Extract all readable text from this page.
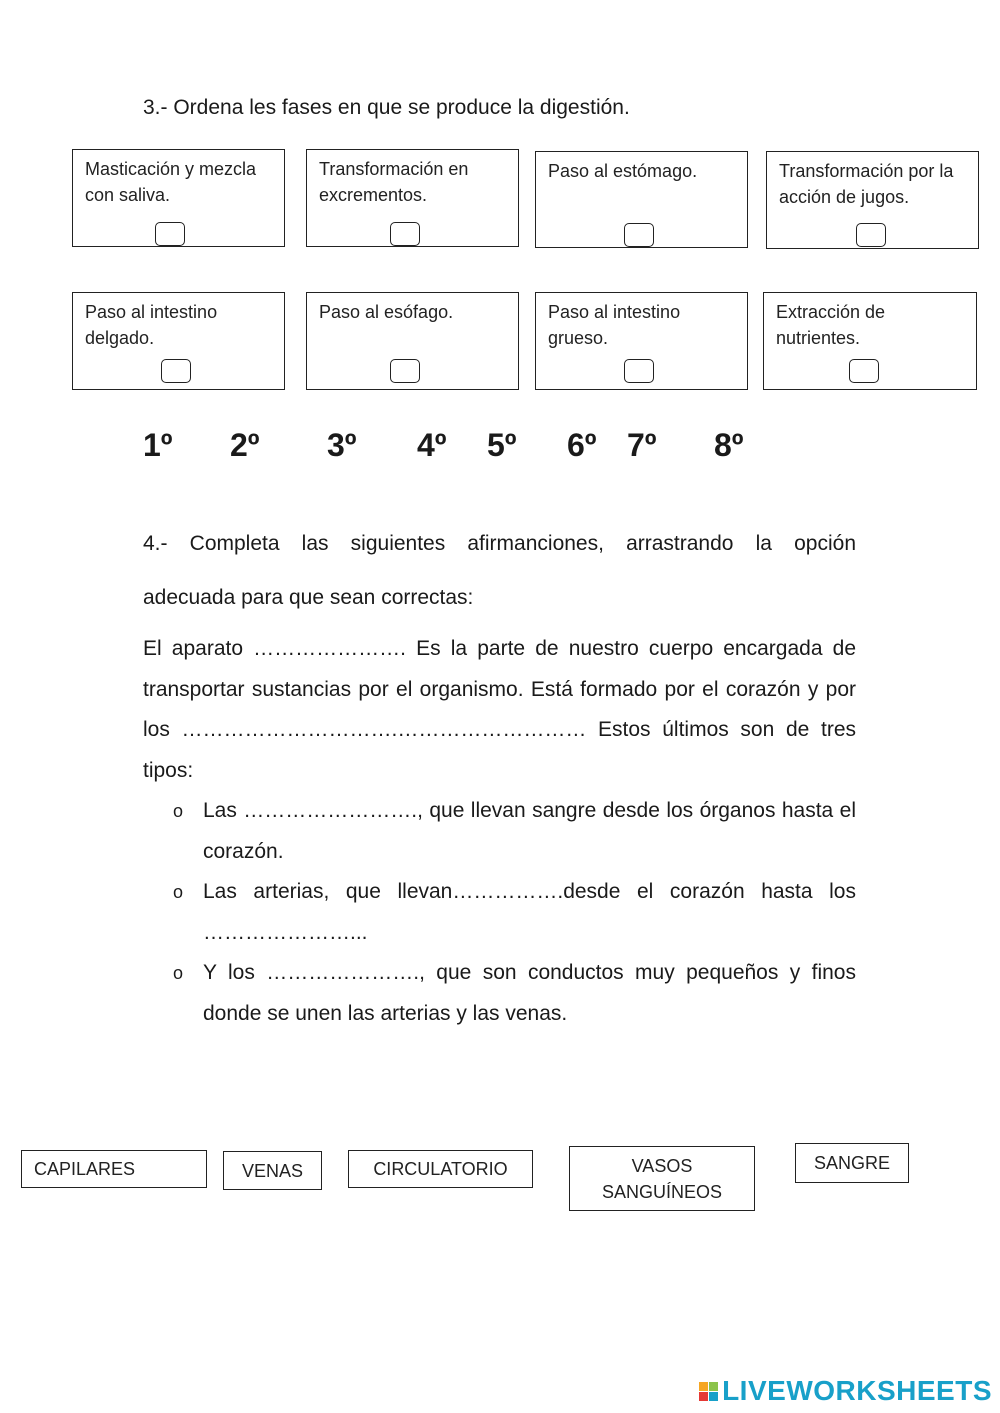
3.- Ordena les fases en que se produce la digestión.
Masticación y mezcla con saliva.
Transformación en excrementos.
Paso al estómago.	Transformación por la acción de jugos.
Paso al intestino delgado.
Paso al esófago.	Paso al intestino grueso.
Extracción de nutrientes.
1º 2º 3º 4º 5º 6º 7º 8º

4.- Completa las siguientes afirmanciones, arrastrando la opción

adecuada para que sean correctas:

El aparato …………………. Es la parte de nuestro cuerpo encargada de transportar sustancias por el organismo. Está formado por el corazón y por los ………………………….……………………… Estos últimos son de tres tipos:

o Las ……………………., que llevan sangre desde los órganos hasta el corazón.
o Las arterias, que llevan…………….desde el corazón hasta los …………………...
o Y los …………………., que son conductos muy pequeños y finos donde se unen las arterias y las venas.
CAPILARES	VENAS	CIRCULATORIO	VASOS SANGUÍNEOS
SANGRE
LIVEWORKSHEETS
